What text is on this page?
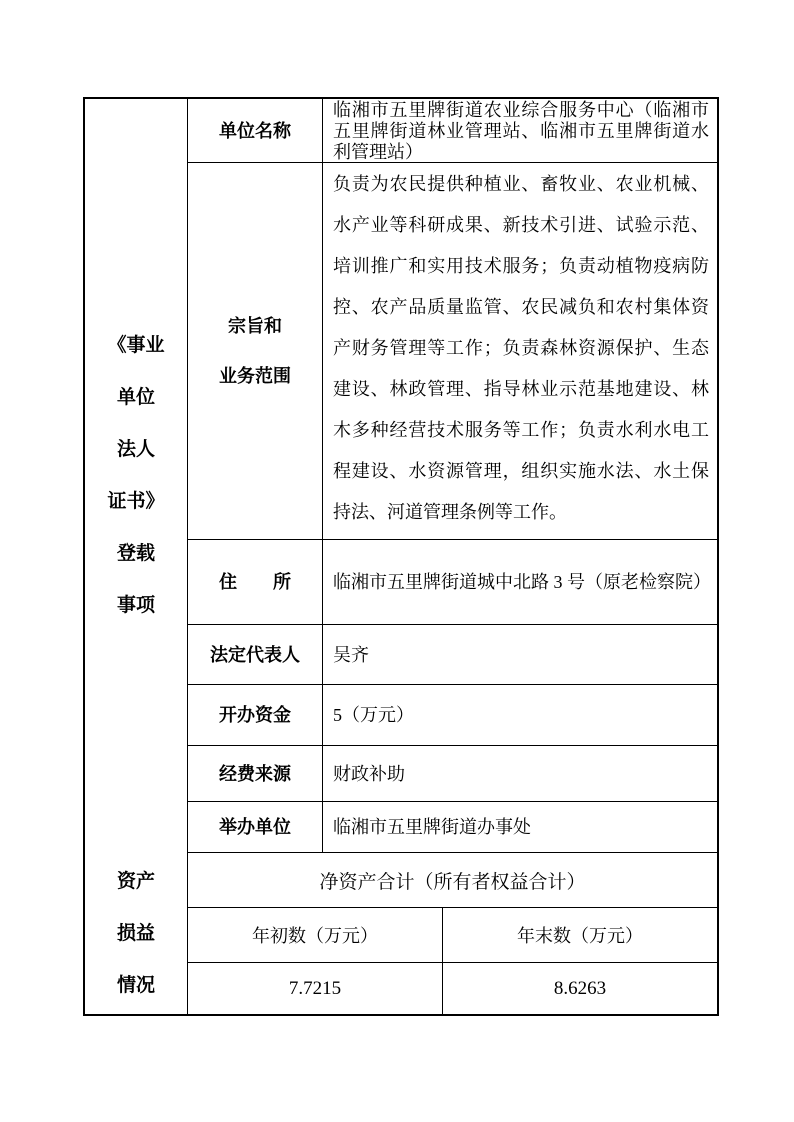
《事业
单位
法人
证书》
登载
事项
单位名称

临湘市五里牌街道农业综合服务中心（临湘市五里牌街道林业管理站、临湘市五里牌街道水利管理站）

宗旨和
业务范围

负责为农民提供种植业、畜牧业、农业机械、水产业等科研成果、新技术引进、试验示范、培训推广和实用技术服务；负责动植物疫病防控、农产品质量监管、农民减负和农村集体资产财务管理等工作；负责森林资源保护、生态建设、林政管理、指导林业示范基地建设、林木多种经营技术服务等工作；负责水利水电工程建设、水资源管理，组织实施水法、水土保持法、河道管理条例等工作。

住　　所 临湘市五里牌街道城中北路 3 号（原老检察院）

法定代表人 吴齐

开办资金 5（万元）

经费来源 财政补助

举办单位 临湘市五里牌街道办事处

资产
损益
情况
净资产合计（所有者权益合计）
年初数（万元）	年末数（万元）
7.7215	8.6263
